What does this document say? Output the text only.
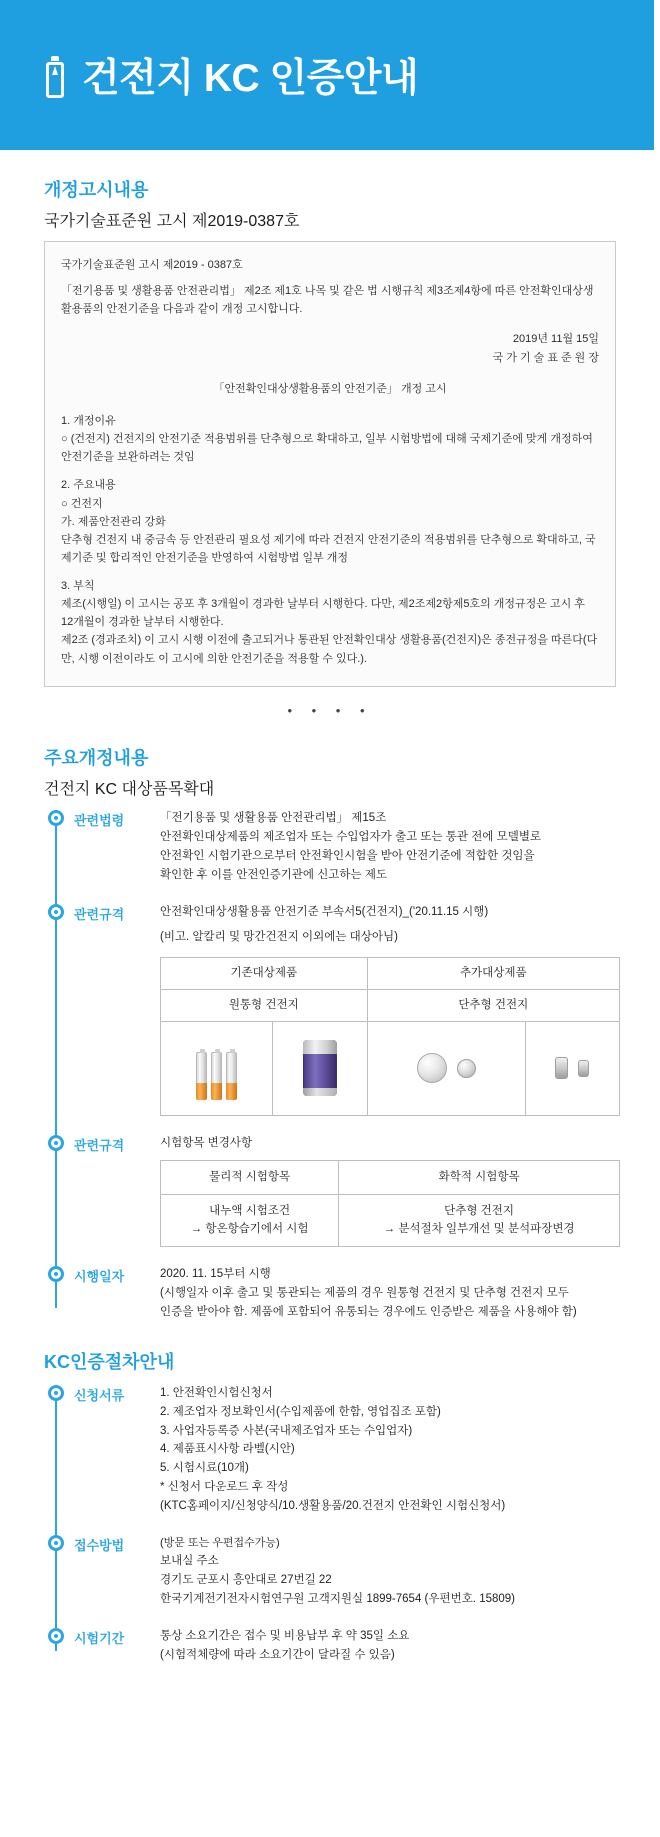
건전지 KC 인증안내
개정고시내용
국가기술표준원 고시 제2019-0387호
국가기술표준원 고시 제2019 - 0387호
「전기용품 및 생활용품 안전관리법」 제2조 제1호 나목 및 같은 법 시행규칙 제3조제4항에 따른 안전확인대상생활용품의 안전기준을 다음과 같이 개정 고시합니다.
2019년 11월 15일
국 가 기 술 표 준 원 장
「안전확인대상생활용품의 안전기준」 개정 고시
1. 개정이유
○ (건전지) 건전지의 안전기준 적용범위를 단추형으로 확대하고, 일부 시험방법에 대해 국제기준에 맞게 개정하여 안전기준을 보완하려는 것임
2. 주요내용
○ 건전지
가. 제품안전관리 강화
단추형 건전지 내 중금속 등 안전관리 필요성 제기에 따라 건전지 안전기준의 적용범위를 단추형으로 확대하고, 국제기준 및 합리적인 안전기준을 반영하여 시험방법 일부 개정
3. 부칙
제조(시행일) 이 고시는 공포 후 3개월이 경과한 날부터 시행한다. 다만, 제2조제2항제5호의 개정규정은 고시 후 12개월이 경과한 날부터 시행한다.
제2조 (경과조치) 이 고시 시행 이전에 출고되거나 통관된 안전확인대상 생활용품(건전지)은 종전규정을 따른다(다만, 시행 이전이라도 이 고시에 의한 안전기준을 적용할 수 있다.).
• • • •
주요개정내용
건전지 KC 대상품목확대
관련법령	「전기용품 및 생활용품 안전관리법」 제15조
안전확인대상제품의 제조업자 또는 수입업자가 출고 또는 통관 전에 모델별로
안전확인 시험기관으로부터 안전확인시험을 받아 안전기준에 적합한 것임을
확인한 후 이를 안전인증기관에 신고하는 제도
관련규격	안전확인대상생활용품 안전기준 부속서5(건전지)_('20.11.15 시행)
(비고. 알칼리 및 망간건전지 이외에는 대상아님)
기존대상제품		추가대상제품	
원통형 건전지		단추형 건전지	

관련규격	시험항목 변경사항
물리적 시험항목	화학적 시험항목

내누액 시험조건
→ 항온항습기에서 시험

단추형 건전지
→ 분석절차 일부개선 및 분석파장변경
시행일자	2020. 11. 15부터 시행
(시행일자 이후 출고 및 통관되는 제품의 경우 원통형 건전지 및 단추형 건전지 모두
인증을 받아야 함. 제품에 포함되어 유통되는 경우에도 인증받은 제품을 사용해야 함)
KC인증절차안내
신청서류	1. 안전확인시험신청서
2. 제조업자 정보확인서(수입제품에 한함, 영업집조 포함)
3. 사업자등록증 사본(국내제조업자 또는 수입업자)
4. 제품표시사항 라벨(시안)
5. 시험시료(10개)
* 신청서 다운로드 후 작성
(KTC홈페이지/신청양식/10.생활용품/20.건전지 안전확인 시험신청서)
접수방법	(방문 또는 우편접수가능)
보내실 주소
경기도 군포시 흥안대로 27번길 22
한국기계전기전자시험연구원 고객지원실 1899-7654 (우편번호. 15809)
시험기간	통상 소요기간은 접수 및 비용납부 후 약 35일 소요
(시험적체량에 따라 소요기간이 달라질 수 있음)
